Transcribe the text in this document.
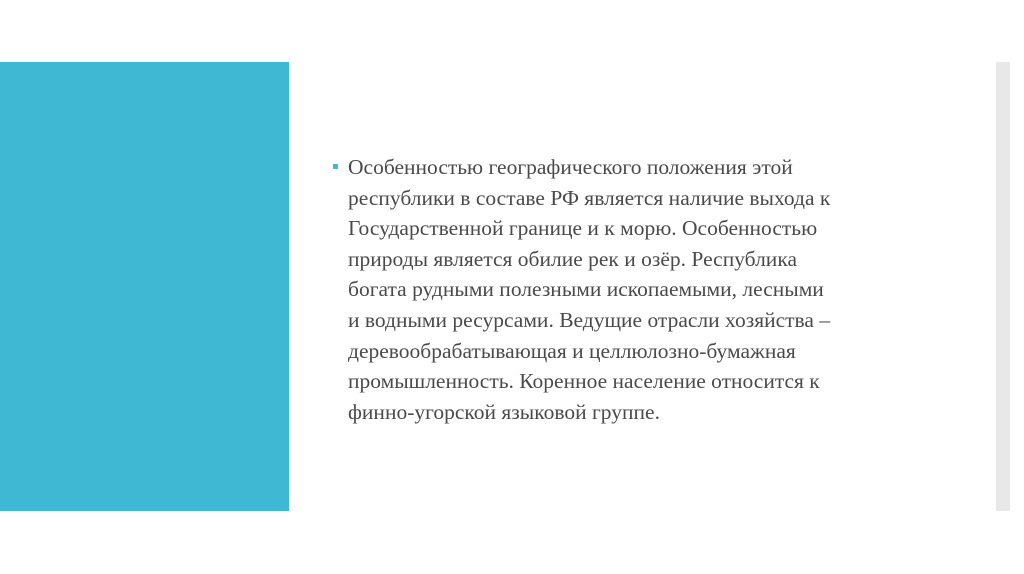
▪ Особенностью географического положения этой
республики в составе РФ является наличие выхода к
Государственной границе и к морю. Особенностью
природы является обилие рек и озёр. Республика
богата рудными полезными ископаемыми, лесными
и водными ресурсами. Ведущие отрасли хозяйства –
деревообрабатывающая и целлюлозно-бумажная
промышленность. Коренное население относится к
финно-угорской языковой группе.
